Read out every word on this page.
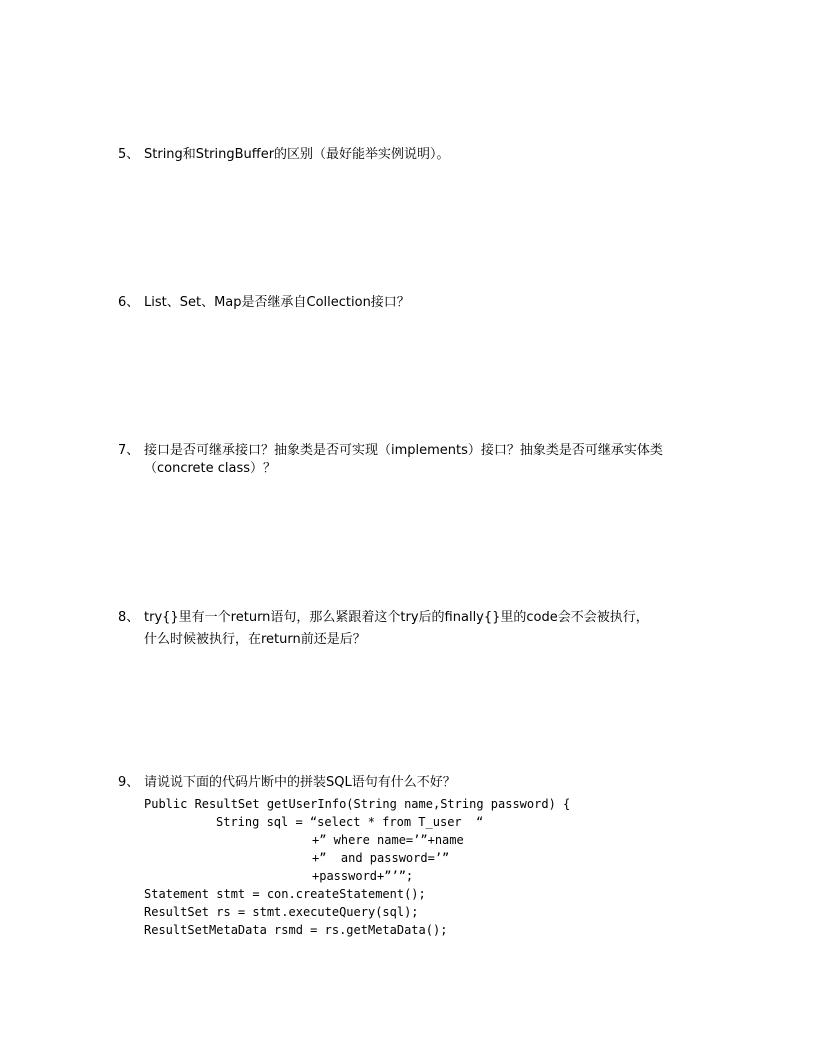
5、

String和StringBuffer的区别（最好能举实例说明）。

6、

List、Set、Map是否继承自Collection接口？

7、

接口是否可继承接口？抽象类是否可实现（implements）接口？抽象类是否可继承实体类

（concrete class）？

8、

try{}里有一个return语句，那么紧跟着这个try后的finally{}里的code会不会被执行，

什么时候被执行，在return前还是后？

9、

请说说下面的代码片断中的拼装SQL语句有什么不好？

Public ResultSet getUserInfo(String name,String password) {
String sql = “select * from T_user  “
+” where name=’”+name
+”  and password=’”
+password+”’”;
Statement stmt = con.createStatement();
ResultSet rs = stmt.executeQuery(sql);
ResultSetMetaData rsmd = rs.getMetaData();
